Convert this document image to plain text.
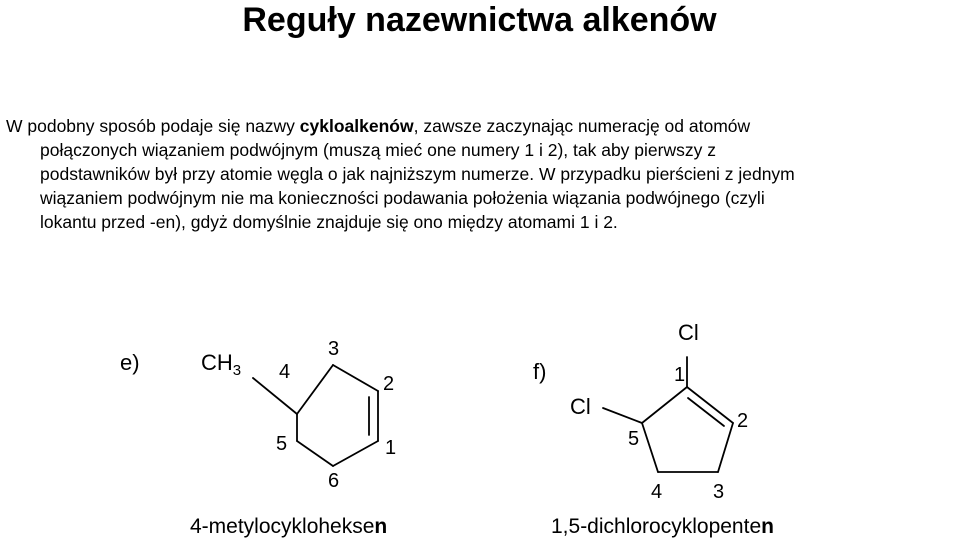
Reguły nazewnictwa alkenów
W podobny sposób podaje się nazwy cykloalkenów, zawsze zaczynając numerację od atomów
połączonych wiązaniem podwójnym (muszą mieć one numery 1 i 2), tak aby pierwszy z
podstawników był przy atomie węgla o jak najniższym numerze. W przypadku pierścieni z jednym
wiązaniem podwójnym nie ma konieczności podawania położenia wiązania podwójnego (czyli
lokantu przed -en), gdyż domyślnie znajduje się ono między atomami 1 i 2.
e)	$CH_3$
3
4
2
5	1
6
4-metylocykloheksen
f)
Cl
Cl
1
2
5
4	3
1,5-dichlorocyklopenten
